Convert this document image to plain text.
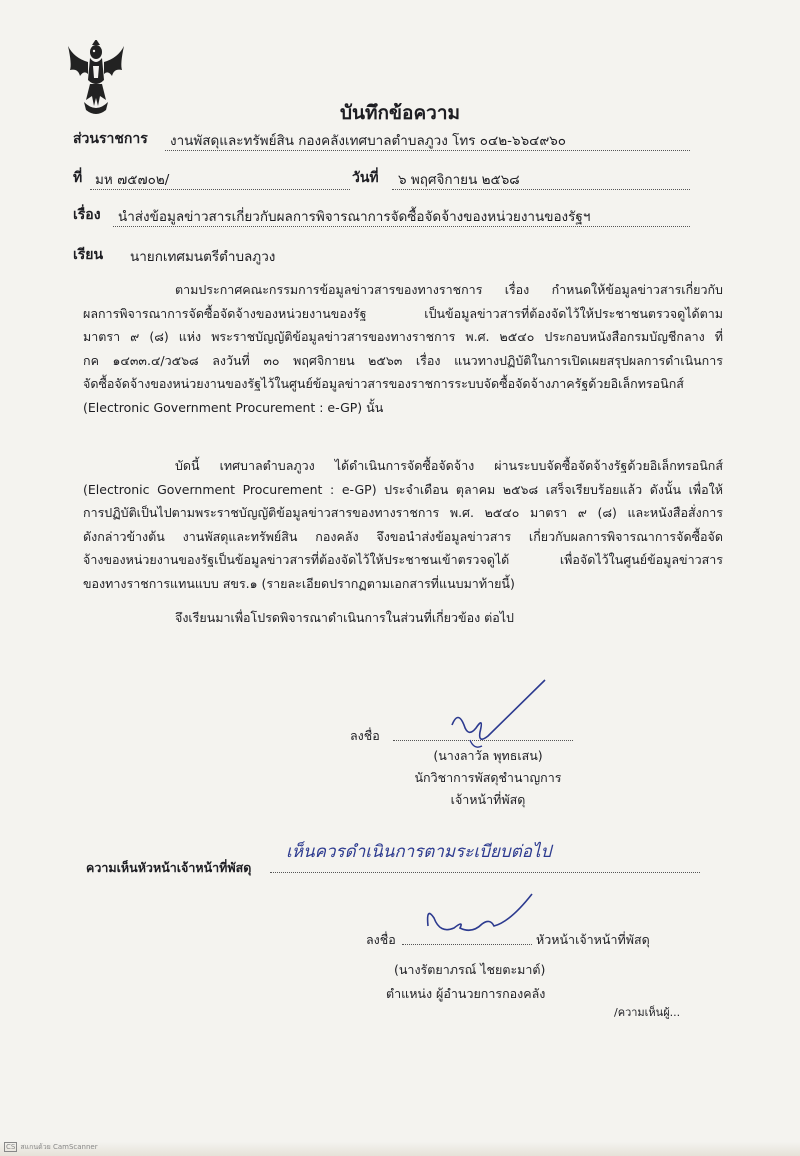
บันทึกข้อความ
ส่วนราชการ งานพัสดุและทรัพย์สิน กองคลังเทศบาลตำบลภูวง โทร ๐๔๒-๖๖๔๙๖๐
ที่ มห ๗๕๗๐๒/	วันที่ ๖ พฤศจิกายน ๒๕๖๘
เรื่อง นำส่งข้อมูลข่าวสารเกี่ยวกับผลการพิจารณาการจัดซื้อจัดจ้างของหน่วยงานของรัฐฯ
เรียน นายกเทศมนตรีตำบลภูวง
ตามประกาศคณะกรรมการข้อมูลข่าวสารของทางราชการ เรื่อง กำหนดให้ข้อมูลข่าวสารเกี่ยวกับ
ผลการพิจารณาการจัดซื้อจัดจ้างของหน่วยงานของรัฐ เป็นข้อมูลข่าวสารที่ต้องจัดไว้ให้ประชาชนตรวจดูได้ตาม
มาตรา ๙ (๘) แห่ง พระราชบัญญัติข้อมูลข่าวสารของทางราชการ พ.ศ. ๒๕๔๐ ประกอบหนังสือกรมบัญชีกลาง ที่
กค ๑๔๓๓.๔/ว๕๖๘ ลงวันที่ ๓๐ พฤศจิกายน ๒๕๖๓ เรื่อง แนวทางปฏิบัติในการเปิดเผยสรุปผลการดำเนินการ
จัดซื้อจัดจ้างของหน่วยงานของรัฐไว้ในศูนย์ข้อมูลข่าวสารของราชการระบบจัดซื้อจัดจ้างภาครัฐด้วยอิเล็กทรอนิกส์
(Electronic Government Procurement : e-GP) นั้น
บัดนี้ เทศบาลตำบลภูวง ได้ดำเนินการจัดซื้อจัดจ้าง ผ่านระบบจัดซื้อจัดจ้างรัฐด้วยอิเล็กทรอนิกส์
(Electronic Government Procurement : e-GP) ประจำเดือน ตุลาคม ๒๕๖๘ เสร็จเรียบร้อยแล้ว ดังนั้น เพื่อให้
การปฏิบัติเป็นไปตามพระราชบัญญัติข้อมูลข่าวสารของทางราชการ พ.ศ. ๒๕๔๐ มาตรา ๙ (๘) และหนังสือสั่งการ
ดังกล่าวข้างต้น งานพัสดุและทรัพย์สิน กองคลัง จึงขอนำส่งข้อมูลข่าวสาร เกี่ยวกับผลการพิจารณาการจัดซื้อจัด
จ้างของหน่วยงานของรัฐเป็นข้อมูลข่าวสารที่ต้องจัดไว้ให้ประชาชนเข้าตรวจดูได้ เพื่อจัดไว้ในศูนย์ข้อมูลข่าวสาร
ของทางราชการแทนแบบ สขร.๑ (รายละเอียดปรากฏตามเอกสารที่แนบมาท้ายนี้)
จึงเรียนมาเพื่อโปรดพิจารณาดำเนินการในส่วนที่เกี่ยวข้อง ต่อไป
ลงชื่อ
(นางลาวัล พุทธเสน)
นักวิชาการพัสดุชำนาญการ
เจ้าหน้าที่พัสดุ
ความเห็นหัวหน้าเจ้าหน้าที่พัสดุ
เห็นควรดำเนินการตามระเบียบต่อไป
ลงชื่อ	หัวหน้าเจ้าหน้าที่พัสดุ
(นางรัตยาภรณ์ ไชยตะมาต์)
ตำแหน่ง ผู้อำนวยการกองคลัง
/ความเห็นผู้...
CS สแกนด้วย CamScanner
